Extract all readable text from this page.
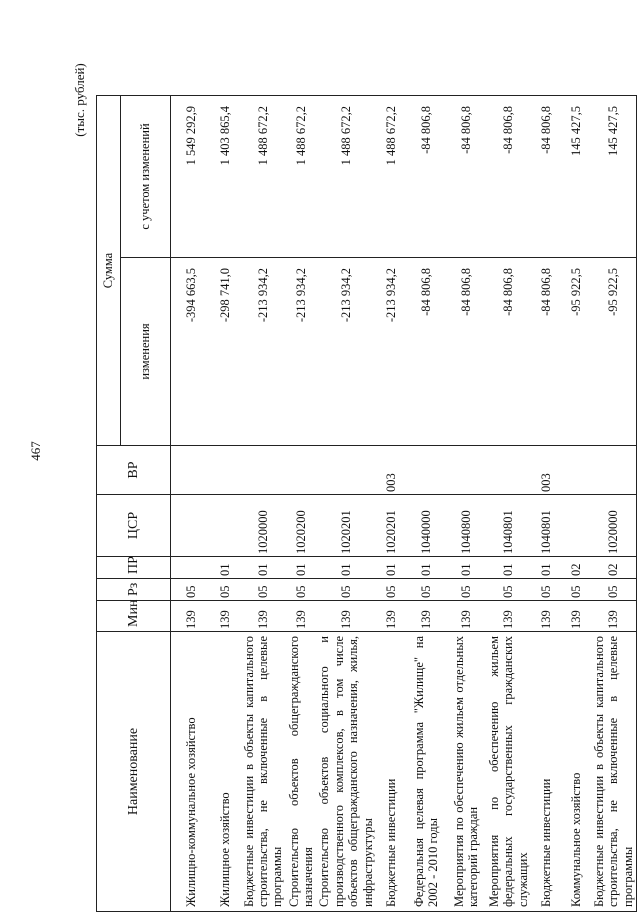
467
(тыс. рублей)
Наименование	Мин	Рз	ПР	ЦСР	ВР	Сумма	
						изменения	с учетом изменений
Жилищно-коммунальное хозяйство	139	05				-394 663,5	1 549 292,9
Жилищное хозяйство	139	05	01			-298 741,0	1 403 865,4
Бюджетные инвестиции в объекты капитального строительства, не включенные в целевые программы	139	05	01	1020000		-213 934,2	1 488 672,2
Строительство объектов общегражданского назначения	139	05	01	1020200		-213 934,2	1 488 672,2
Строительство объектов социального и производственного комплексов, в том числе объектов общегражданского назначения, жилья, инфраструктуры	139	05	01	1020201		-213 934,2	1 488 672,2
Бюджетные инвестиции	139	05	01	1020201	003	-213 934,2	1 488 672,2
Федеральная целевая программа "Жилище" на 2002 - 2010 годы	139	05	01	1040000		-84 806,8	-84 806,8
Мероприятия по обеспечению жильем отдельных категорий граждан	139	05	01	1040800		-84 806,8	-84 806,8
Мероприятия по обеспечению жильем федеральных государственных гражданских служащих	139	05	01	1040801		-84 806,8	-84 806,8
Бюджетные инвестиции	139	05	01	1040801	003	-84 806,8	-84 806,8
Коммунальное хозяйство	139	05	02			-95 922,5	145 427,5
Бюджетные инвестиции в объекты капитального строительства, не включенные в целевые программы	139	05	02	1020000		-95 922,5	145 427,5
